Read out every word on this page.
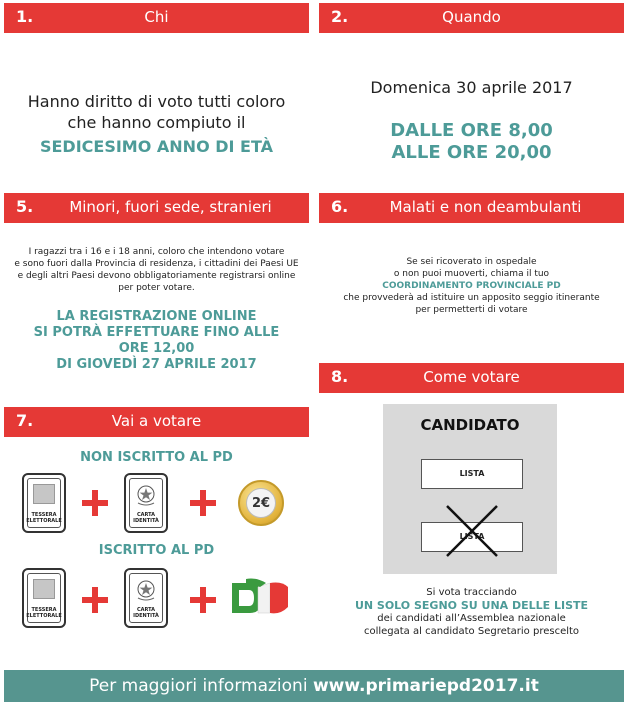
1.	Chi
Hanno diritto di voto tutti coloro
che hanno compiuto il
SEDICESIMO ANNO DI ETÀ
2.	Quando
Domenica 30 aprile 2017
DALLE ORE 8,00
ALLE ORE 20,00
5.	Minori, fuori sede, stranieri
I ragazzi tra i 16 e i 18 anni, coloro che intendono votare
e sono fuori dalla Provincia di residenza, i cittadini dei Paesi UE
e degli altri Paesi devono obbligatoriamente registrarsi online
per poter votare.
LA REGISTRAZIONE ONLINE
SI POTRÀ EFFETTUARE FINO ALLE
ORE 12,00
DI GIOVEDÌ 27 APRILE 2017
6.	Malati e non deambulanti
Se sei ricoverato in ospedale
o non puoi muoverti, chiama il tuo
COORDINAMENTO PROVINCIALE PD
che provvederà ad istituire un apposito seggio itinerante
per permetterti di votare
7.	Vai a votare
NON ISCRITTO AL PD
TESSERA
ELETTORALE
CARTA
IDENTITÀ
2€
ISCRITTO AL PD
TESSERA
ELETTORALE
CARTA
IDENTITÀ
8.	Come votare
CANDIDATO
LISTA
LISTA
Si vota tracciando
UN SOLO SEGNO SU UNA DELLE LISTE
dei candidati all’Assemblea nazionale
collegata al candidato Segretario prescelto
Per maggiori informazioni www.primariepd2017.it
